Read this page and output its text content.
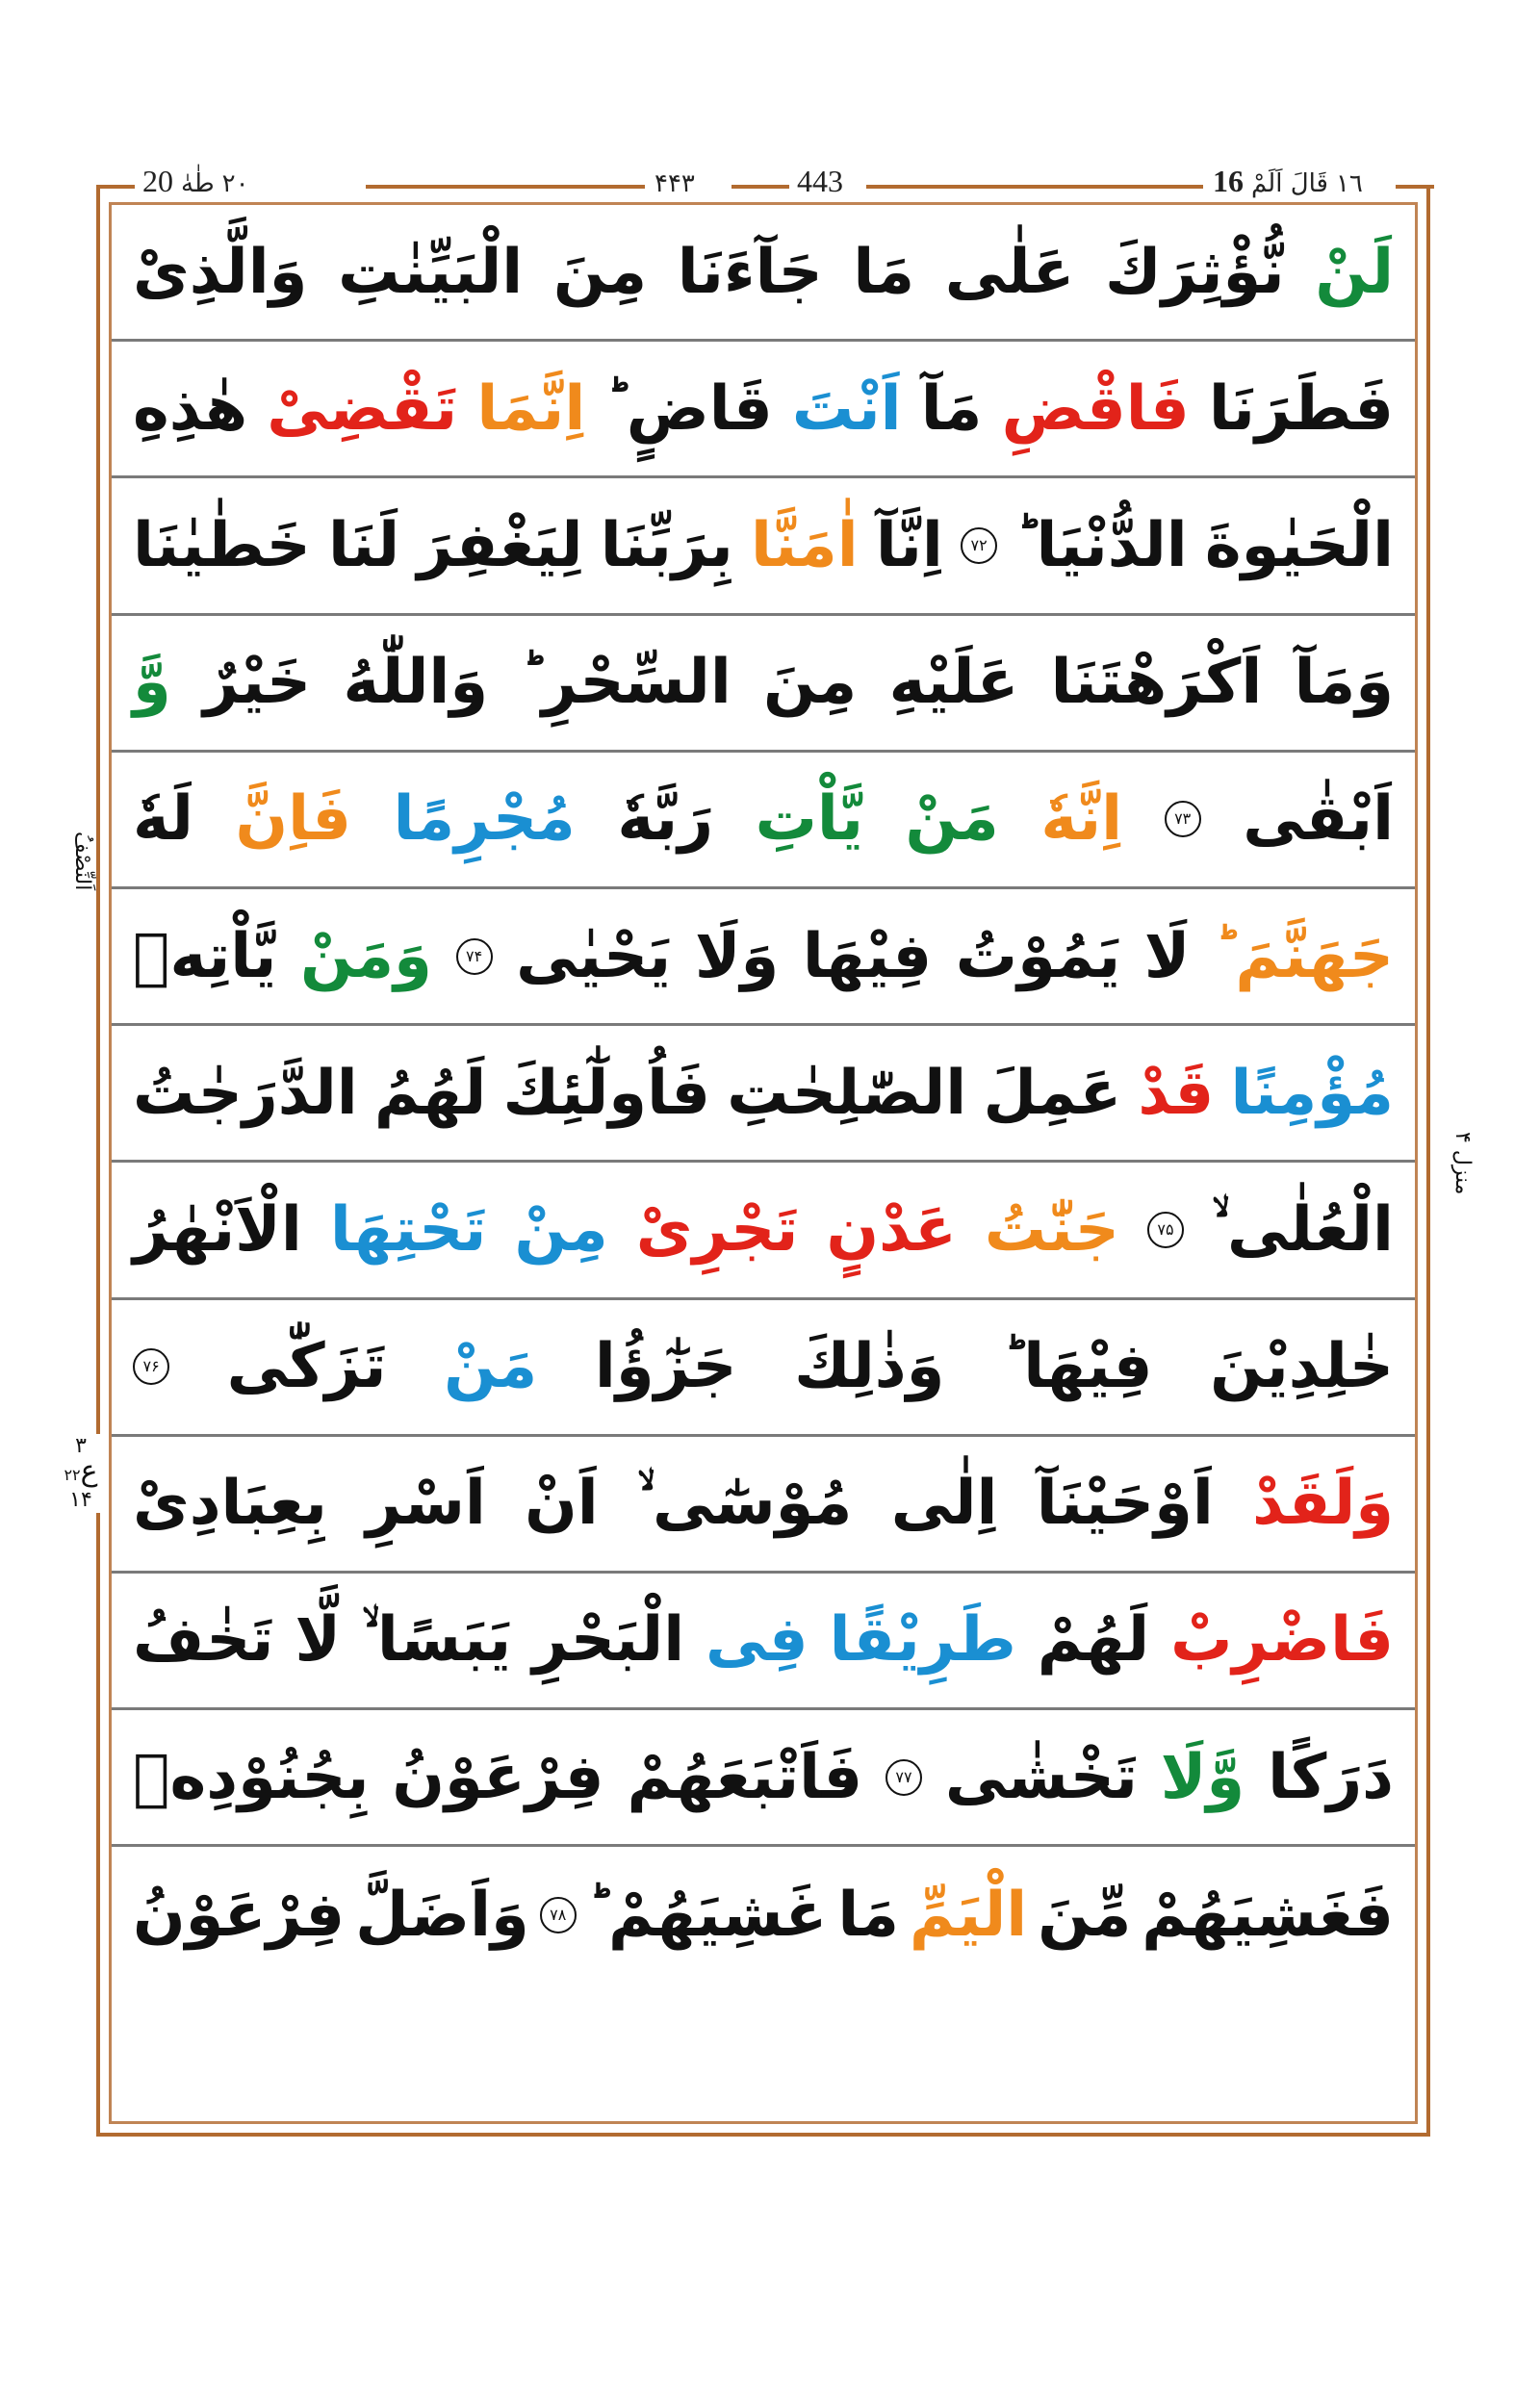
٢٠ طٰهٰ 20	۴۴۳	443	١٦ قَالَ اَلَمْ 16
اَلنِّصْفُ
منزل ۴
۳
ع۲۲
۱۴
لَنْ
نُّؤْثِرَكَ
عَلٰى
مَا
جَآءَنَا
مِنَ
الْبَيِّنٰتِ
وَالَّذِىْ
فَطَرَنَا
فَاقْضِ
مَآ
اَنْتَ
قَاضٍ ؕ
اِنَّمَا
تَقْضِىْ
هٰذِهِ
الْحَيٰوةَ
الدُّنْيَا ؕ
۷۲
اِنَّآ
اٰمَنَّا
بِرَبِّنَا
لِيَغْفِرَ
لَنَا
خَطٰيٰنَا
وَمَآ
اَكْرَهْتَنَا
عَلَيْهِ
مِنَ
السِّحْرِ ؕ
وَاللّٰهُ
خَيْرٌ
وَّ
اَبْقٰى
۷۳
اِنَّهٗ
مَنْ
يَّاْتِ
رَبَّهٗ
مُجْرِمًا
فَاِنَّ
لَهٗ
جَهَنَّمَ ؕ
لَا
يَمُوْتُ
فِيْهَا
وَلَا
يَحْيٰى
۷۴
وَمَنْ
يَّاْتِهٖ
مُؤْمِنًا
قَدْ
عَمِلَ
الصّٰلِحٰتِ
فَاُولٰٓئِكَ
لَهُمُ
الدَّرَجٰتُ
الْعُلٰى ۙ
۷۵
جَنّٰتُ
عَدْنٍ
تَجْرِىْ
مِنْ
تَحْتِهَا
الْاَنْهٰرُ
خٰلِدِيْنَ
فِيْهَا ؕ
وَذٰلِكَ
جَزٰٓؤُا
مَنْ
تَزَكّٰى
۷۶
وَلَقَدْ
اَوْحَيْنَآ
اِلٰى
مُوْسٰٓى ۙ
اَنْ
اَسْرِ
بِعِبَادِىْ
فَاضْرِبْ
لَهُمْ
طَرِيْقًا
فِى
الْبَحْرِ
يَبَسًا ۙ
لَّا
تَخٰفُ
دَرَكًا
وَّلَا
تَخْشٰى
۷۷
فَاَتْبَعَهُمْ
فِرْعَوْنُ
بِجُنُوْدِهٖ
فَغَشِيَهُمْ
مِّنَ
الْيَمِّ
مَا
غَشِيَهُمْ ؕ
۷۸
وَاَضَلَّ
فِرْعَوْنُ
